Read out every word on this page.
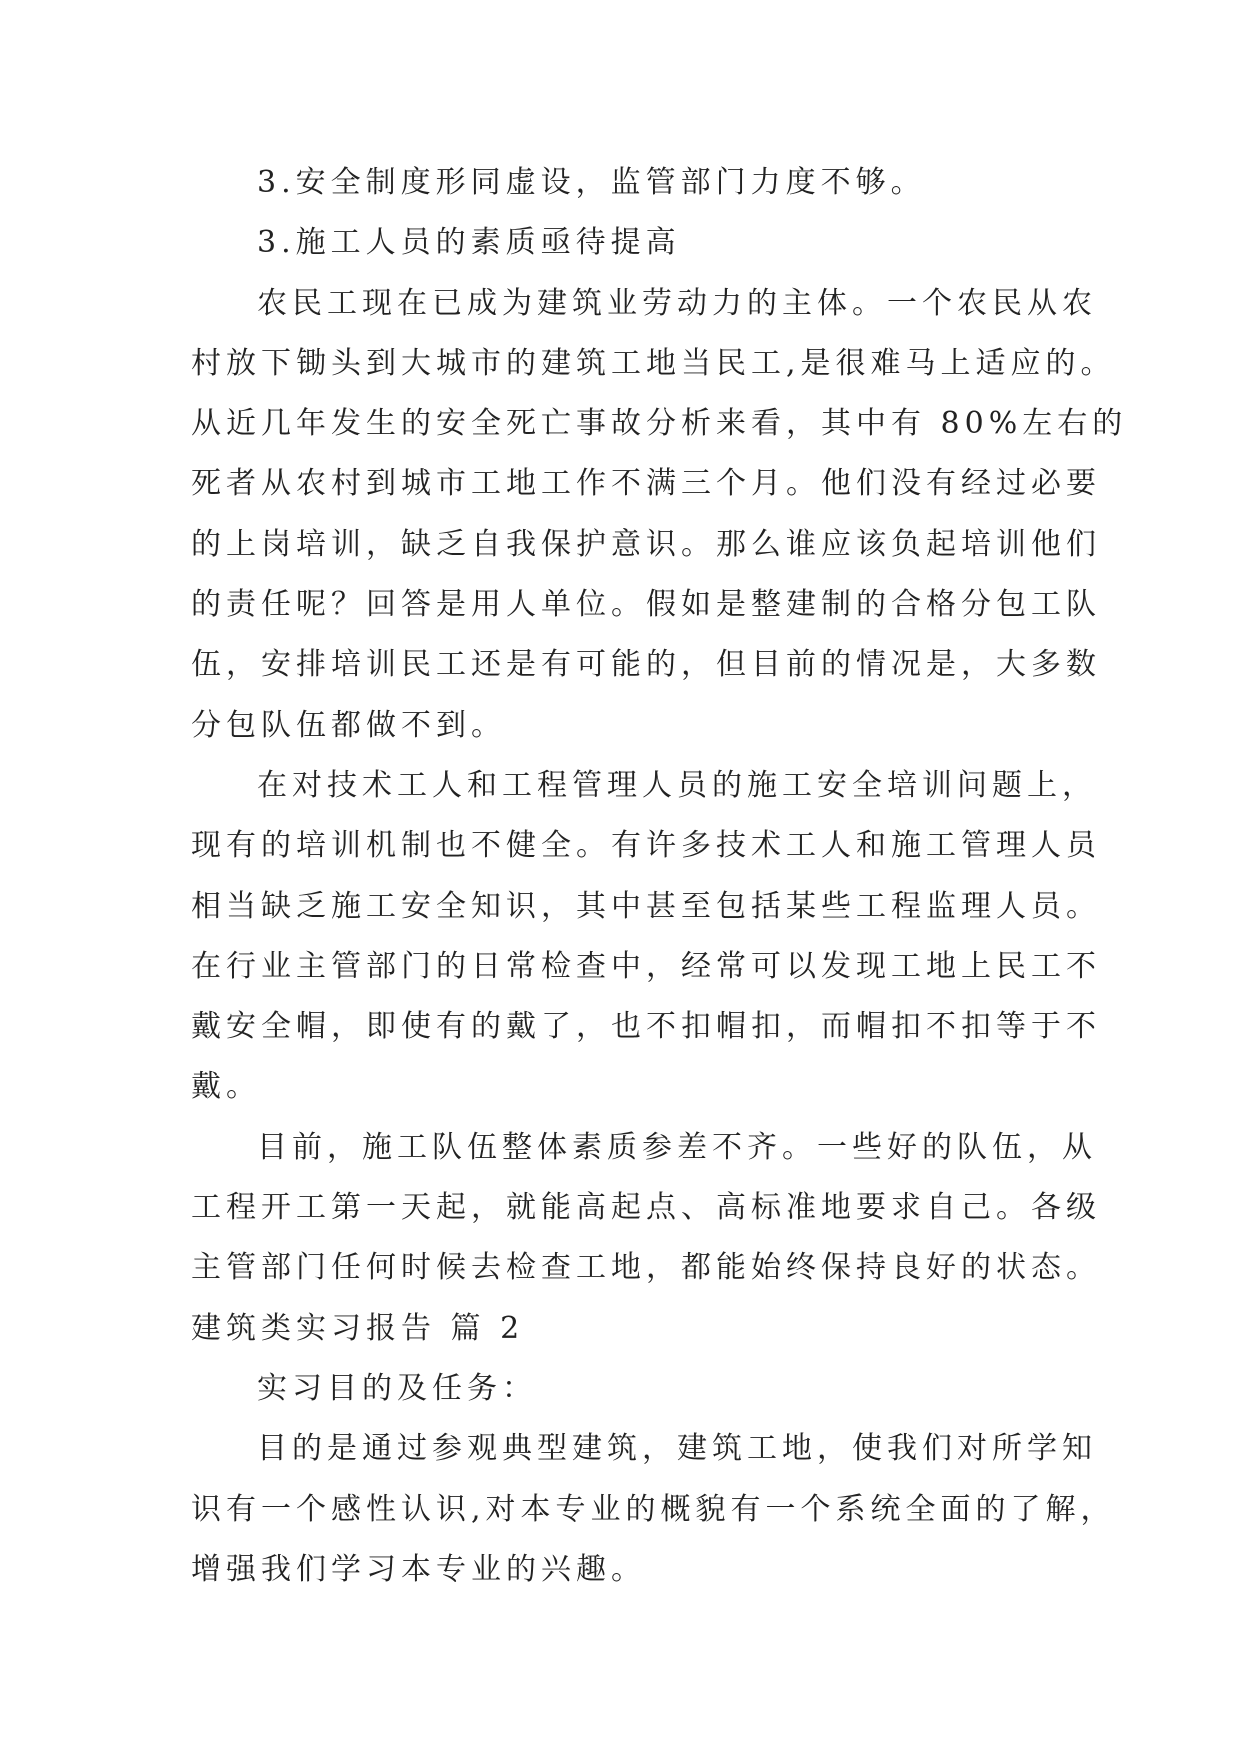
3.安全制度形同虚设，监管部门力度不够。
3.施工人员的素质亟待提高
农民工现在已成为建筑业劳动力的主体。一个农民从农
村放下锄头到大城市的建筑工地当民工,是很难马上适应的。
从近几年发生的安全死亡事故分析来看，其中有 80%左右的
死者从农村到城市工地工作不满三个月。他们没有经过必要
的上岗培训，缺乏自我保护意识。那么谁应该负起培训他们
的责任呢？回答是用人单位。假如是整建制的合格分包工队
伍，安排培训民工还是有可能的，但目前的情况是，大多数
分包队伍都做不到。
在对技术工人和工程管理人员的施工安全培训问题上，
现有的培训机制也不健全。有许多技术工人和施工管理人员
相当缺乏施工安全知识，其中甚至包括某些工程监理人员。
在行业主管部门的日常检查中，经常可以发现工地上民工不
戴安全帽，即使有的戴了，也不扣帽扣，而帽扣不扣等于不
戴。
目前，施工队伍整体素质参差不齐。一些好的队伍，从
工程开工第一天起，就能高起点、高标准地要求自己。各级
主管部门任何时候去检查工地，都能始终保持良好的状态。
建筑类实习报告 篇 2
实习目的及任务：
目的是通过参观典型建筑，建筑工地，使我们对所学知
识有一个感性认识,对本专业的概貌有一个系统全面的了解，
增强我们学习本专业的兴趣。
